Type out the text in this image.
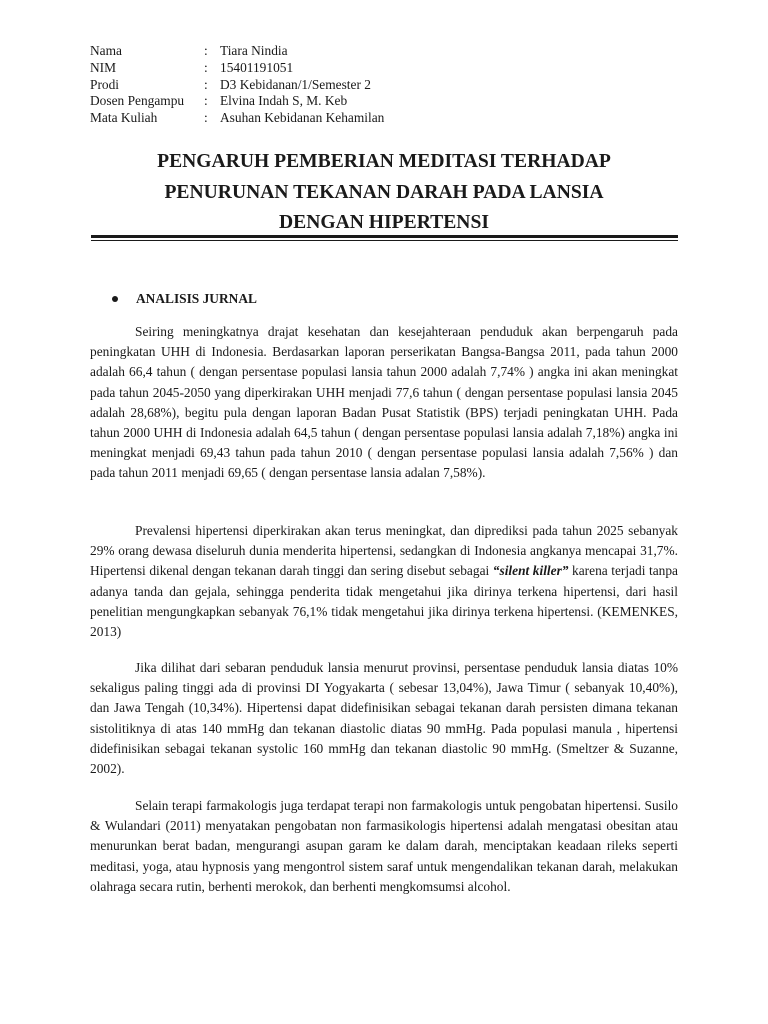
Nama	: Tiara Nindia
NIM	: 15401191051
Prodi	: D3 Kebidanan/1/Semester 2
Dosen Pengampu	: Elvina Indah S, M. Keb
Mata Kuliah	: Asuhan Kebidanan Kehamilan
PENGARUH PEMBERIAN MEDITASI TERHADAP
PENURUNAN TEKANAN DARAH PADA LANSIA
DENGAN HIPERTENSI
ANALISIS JURNAL

Seiring meningkatnya drajat kesehatan dan kesejahteraan penduduk akan berpengaruh pada peningkatan UHH di Indonesia. Berdasarkan laporan perserikatan Bangsa-Bangsa 2011, pada tahun 2000 adalah 66,4 tahun ( dengan persentase populasi lansia tahun 2000 adalah 7,74% ) angka ini akan meningkat pada tahun 2045-2050 yang diperkirakan UHH menjadi 77,6 tahun ( dengan persentase populasi lansia 2045 adalah 28,68%), begitu pula dengan laporan Badan Pusat Statistik (BPS) terjadi peningkatan UHH. Pada tahun 2000 UHH di Indonesia adalah 64,5 tahun ( dengan persentase populasi lansia adalah 7,18%) angka ini meningkat menjadi 69,43 tahun pada tahun 2010 ( dengan persentase populasi lansia adalah 7,56% ) dan pada tahun 2011 menjadi 69,65 ( dengan persentase lansia adalan 7,58%).

Prevalensi hipertensi diperkirakan akan terus meningkat, dan diprediksi pada tahun 2025 sebanyak 29% orang dewasa diseluruh dunia menderita hipertensi, sedangkan di Indonesia angkanya mencapai 31,7%. Hipertensi dikenal dengan tekanan darah tinggi dan sering disebut sebagai “silent killer” karena terjadi tanpa adanya tanda dan gejala, sehingga penderita tidak mengetahui jika dirinya terkena hipertensi, dari hasil penelitian mengungkapkan sebanyak 76,1% tidak mengetahui jika dirinya terkena hipertensi. (KEMENKES, 2013)

Jika dilihat dari sebaran penduduk lansia menurut provinsi, persentase penduduk lansia diatas 10% sekaligus paling tinggi ada di provinsi DI Yogyakarta ( sebesar 13,04%), Jawa Timur ( sebanyak 10,40%), dan Jawa Tengah (10,34%). Hipertensi dapat didefinisikan sebagai tekanan darah persisten dimana tekanan sistolitiknya di atas 140 mmHg dan tekanan diastolic diatas 90 mmHg. Pada populasi manula , hipertensi didefinisikan sebagai tekanan systolic 160 mmHg dan tekanan diastolic 90 mmHg. (Smeltzer & Suzanne, 2002).

Selain terapi farmakologis juga terdapat terapi non farmakologis untuk pengobatan hipertensi. Susilo & Wulandari (2011) menyatakan pengobatan non farmasikologis hipertensi adalah mengatasi obesitan atau menurunkan berat badan, mengurangi asupan garam ke dalam darah, menciptakan keadaan rileks seperti meditasi, yoga, atau hypnosis yang mengontrol sistem saraf untuk mengendalikan tekanan darah, melakukan olahraga secara rutin, berhenti merokok, dan berhenti mengkomsumsi alcohol.
